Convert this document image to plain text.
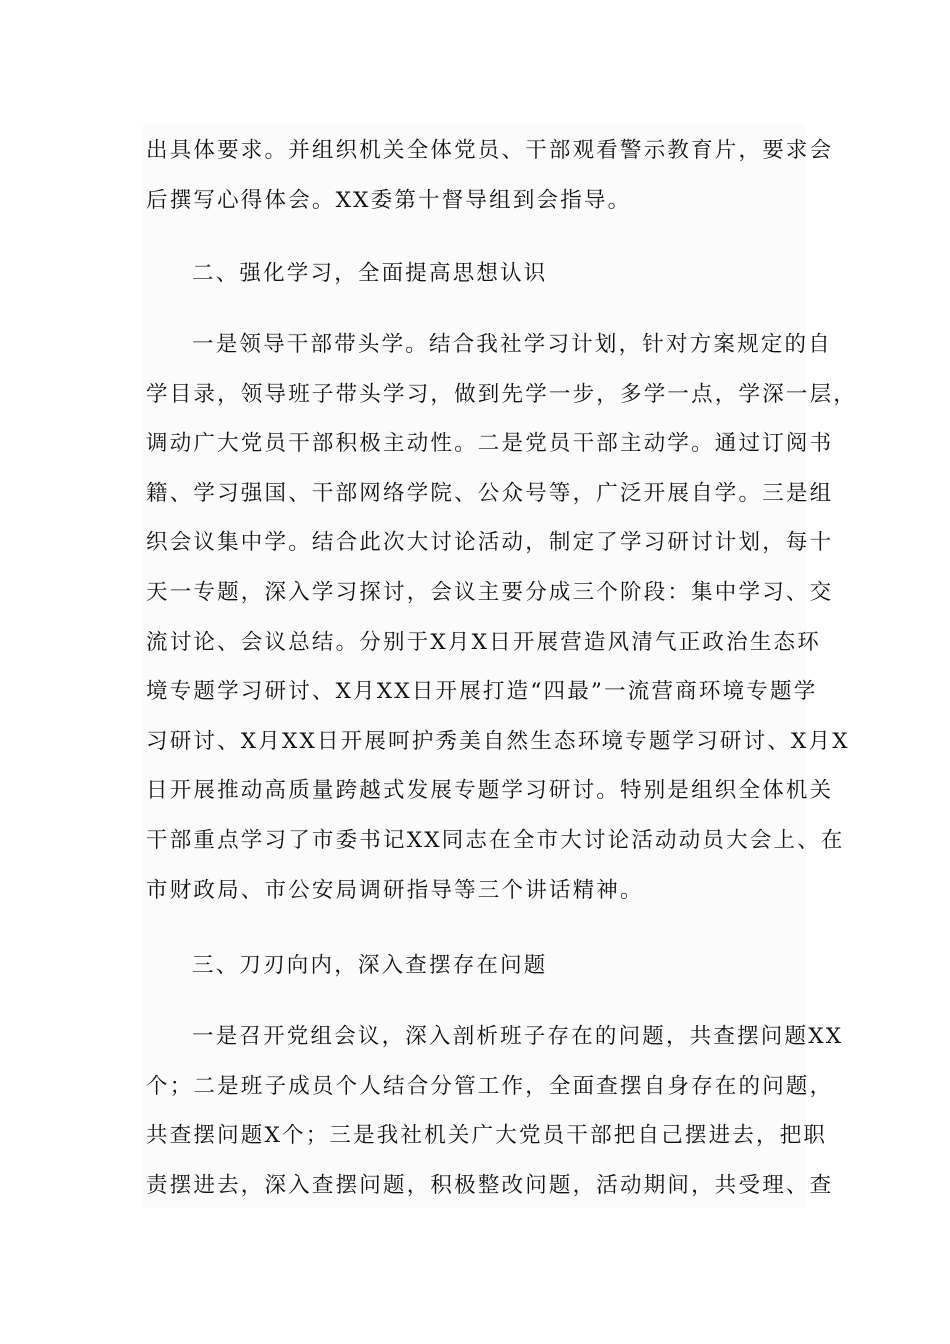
出具体要求。并组织机关全体党员、干部观看警示教育片，要求会
后撰写心得体会。XX委第十督导组到会指导。
二、强化学习，全面提高思想认识
一是领导干部带头学。结合我社学习计划，针对方案规定的自
学目录，领导班子带头学习，做到先学一步，多学一点，学深一层，
调动广大党员干部积极主动性。二是党员干部主动学。通过订阅书
籍、学习强国、干部网络学院、公众号等，广泛开展自学。三是组
织会议集中学。结合此次大讨论活动，制定了学习研讨计划，每十
天一专题，深入学习探讨，会议主要分成三个阶段：集中学习、交
流讨论、会议总结。分别于X月X日开展营造风清气正政治生态环
境专题学习研讨、X月XX日开展打造“四最”一流营商环境专题学
习研讨、X月XX日开展呵护秀美自然生态环境专题学习研讨、X月X
日开展推动高质量跨越式发展专题学习研讨。特别是组织全体机关
干部重点学习了市委书记XX同志在全市大讨论活动动员大会上、在
市财政局、市公安局调研指导等三个讲话精神。
三、刀刃向内，深入查摆存在问题
一是召开党组会议，深入剖析班子存在的问题，共查摆问题XX
个；二是班子成员个人结合分管工作，全面查摆自身存在的问题，
共查摆问题X个；三是我社机关广大党员干部把自己摆进去，把职
责摆进去，深入查摆问题，积极整改问题，活动期间，共受理、查
